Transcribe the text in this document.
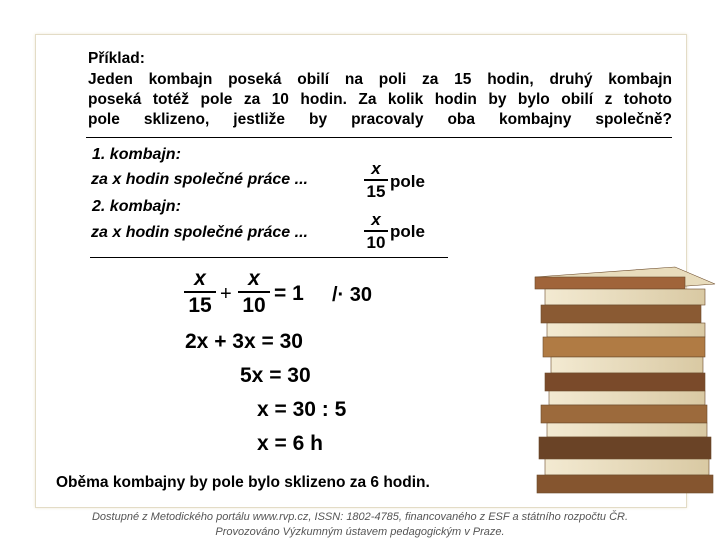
Příklad:
Jeden kombajn poseká obilí na poli za 15 hodin, druhý kombajn
poseká totéž pole za 10 hodin. Za kolik hodin by bylo obilí z tohoto
pole sklizeno, jestliže by pracovaly oba kombajny společně?
1. kombajn:
za x hodin společné práce ...
x
15 pole
2. kombajn:
za x hodin společné práce ...
x
10
pole
x
15 +
x
10 = 1 /· 30
2x + 3x = 30
5x = 30
x = 30 : 5
x = 6 h
Oběma kombajny by pole bylo sklizeno za 6 hodin.
Dostupné z Metodického portálu www.rvp.cz, ISSN: 1802-4785, financovaného z ESF a státního rozpočtu ČR.
Provozováno Výzkumným ústavem pedagogickým v Praze.
